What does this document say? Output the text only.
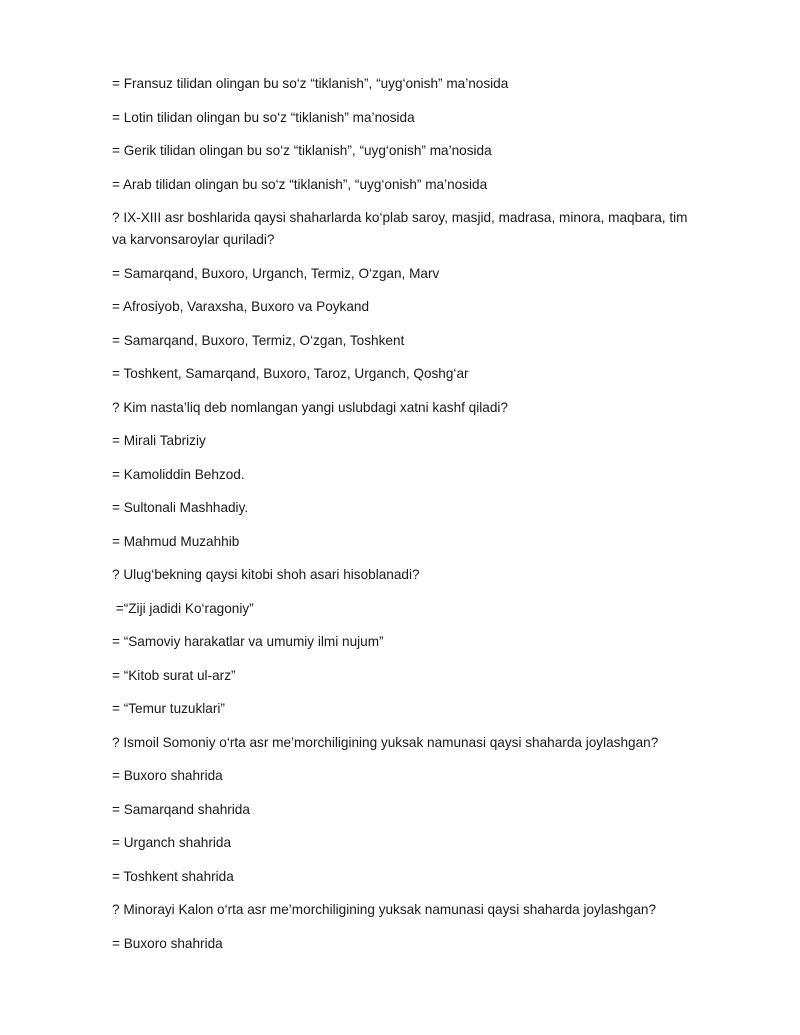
= Fransuz tilidan olingan bu so‘z “tiklanish”, “uyg‘onish” ma’nosida

= Lotin tilidan olingan bu so‘z “tiklanish” ma’nosida

= Gerik tilidan olingan bu so‘z “tiklanish”, “uyg‘onish” ma’nosida

= Arab tilidan olingan bu so‘z “tiklanish”, “uyg‘onish” ma’nosida

? IX-XIII asr boshlarida qaysi shaharlarda ko‘plab saroy, masjid, madrasa, minora, maqbara, tim va karvonsaroylar quriladi?

= Samarqand, Buxoro, Urganch, Termiz, O‘zgan, Marv

= Afrosiyob, Varaxsha, Buxoro va Poykand

= Samarqand, Buxoro, Termiz, O‘zgan, Toshkent

= Toshkent, Samarqand, Buxoro, Taroz, Urganch, Qoshg‘ar

? Kim nasta’liq deb nomlangan yangi uslubdagi xatni kashf qiladi?

= Mirali Tabriziy

= Kamoliddin Behzod.

= Sultonali Mashhadiy.

= Mahmud Muzahhib

? Ulug‘bekning qaysi kitobi shoh asari hisoblanadi?

=“Ziji jadidi Ko‘ragoniy”

= “Samoviy harakatlar va umumiy ilmi nujum”

= “Kitob surat ul-arz”

= “Temur tuzuklari”

? Ismoil Somoniy o‘rta asr me’morchiligining yuksak namunasi qaysi shaharda joylashgan?

= Buxoro shahrida

= Samarqand shahrida

= Urganch shahrida

= Toshkent shahrida

? Minorayi Kalon o‘rta asr me’morchiligining yuksak namunasi qaysi shaharda joylashgan?

= Buxoro shahrida
